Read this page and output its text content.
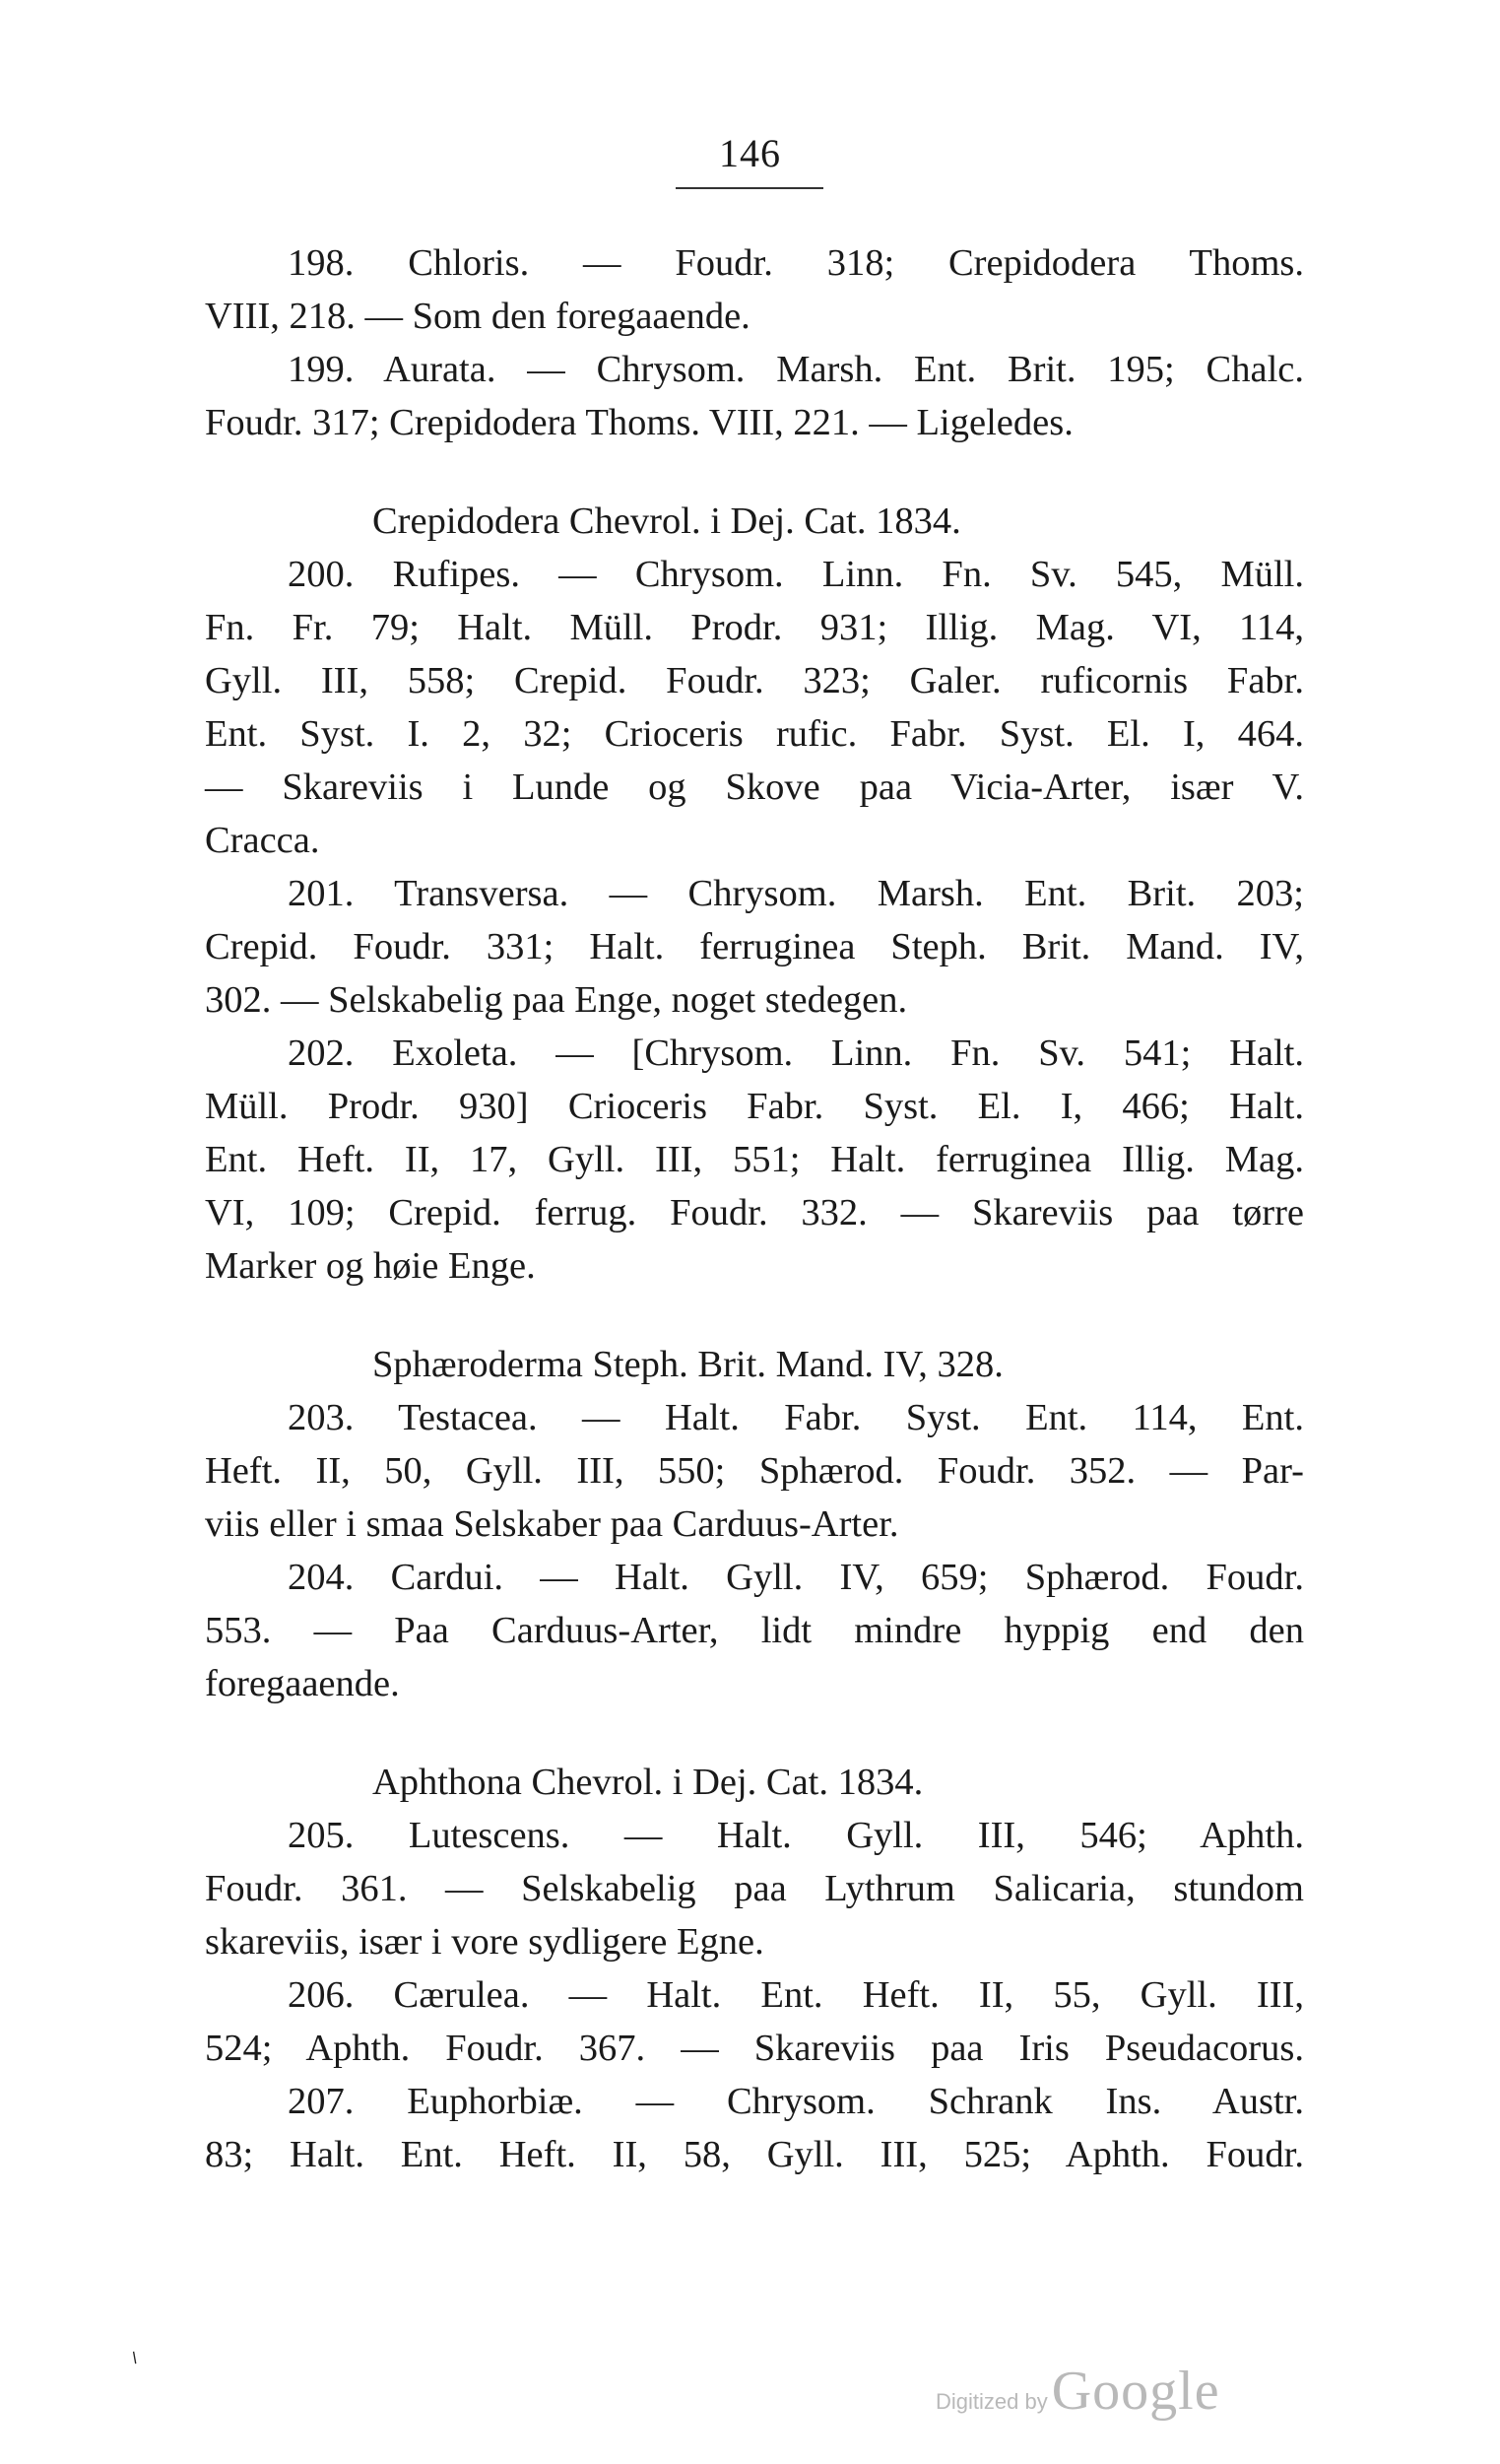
146
198. Chloris. — Foudr. 318; Crepidodera Thoms.
VIII, 218. — Som den foregaaende.
199. Aurata. — Chrysom. Marsh. Ent. Brit. 195; Chalc.
Foudr. 317; Crepidodera Thoms. VIII, 221. — Ligeledes.
Crepidodera Chevrol. i Dej. Cat. 1834.
200. Rufipes. — Chrysom. Linn. Fn. Sv. 545, Müll.
Fn. Fr. 79; Halt. Müll. Prodr. 931; Illig. Mag. VI, 114,
Gyll. III, 558; Crepid. Foudr. 323; Galer. ruficornis Fabr.
Ent. Syst. I. 2, 32; Crioceris rufic. Fabr. Syst. El. I, 464.
— Skareviis i Lunde og Skove paa Vicia-Arter, især V.
Cracca.
201. Transversa. — Chrysom. Marsh. Ent. Brit. 203;
Crepid. Foudr. 331; Halt. ferruginea Steph. Brit. Mand. IV,
302. — Selskabelig paa Enge, noget stedegen.
202. Exoleta. — [Chrysom. Linn. Fn. Sv. 541; Halt.
Müll. Prodr. 930] Crioceris Fabr. Syst. El. I, 466; Halt.
Ent. Heft. II, 17, Gyll. III, 551; Halt. ferruginea Illig. Mag.
VI, 109; Crepid. ferrug. Foudr. 332. — Skareviis paa tørre
Marker og høie Enge.
Sphæroderma Steph. Brit. Mand. IV, 328.
203. Testacea. — Halt. Fabr. Syst. Ent. 114, Ent.
Heft. II, 50, Gyll. III, 550; Sphærod. Foudr. 352. — Par-
viis eller i smaa Selskaber paa Carduus-Arter.
204. Cardui. — Halt. Gyll. IV, 659; Sphærod. Foudr.
553. — Paa Carduus-Arter, lidt mindre hyppig end den
foregaaende.
Aphthona Chevrol. i Dej. Cat. 1834.
205. Lutescens. — Halt. Gyll. III, 546; Aphth.
Foudr. 361. — Selskabelig paa Lythrum Salicaria, stundom
skareviis, især i vore sydligere Egne.
206. Cærulea. — Halt. Ent. Heft. II, 55, Gyll. III,
524; Aphth. Foudr. 367. — Skareviis paa Iris Pseudacorus.
207. Euphorbiæ. — Chrysom. Schrank Ins. Austr.
83; Halt. Ent. Heft. II, 58, Gyll. III, 525; Aphth. Foudr.
⸌
Digitized by Google
